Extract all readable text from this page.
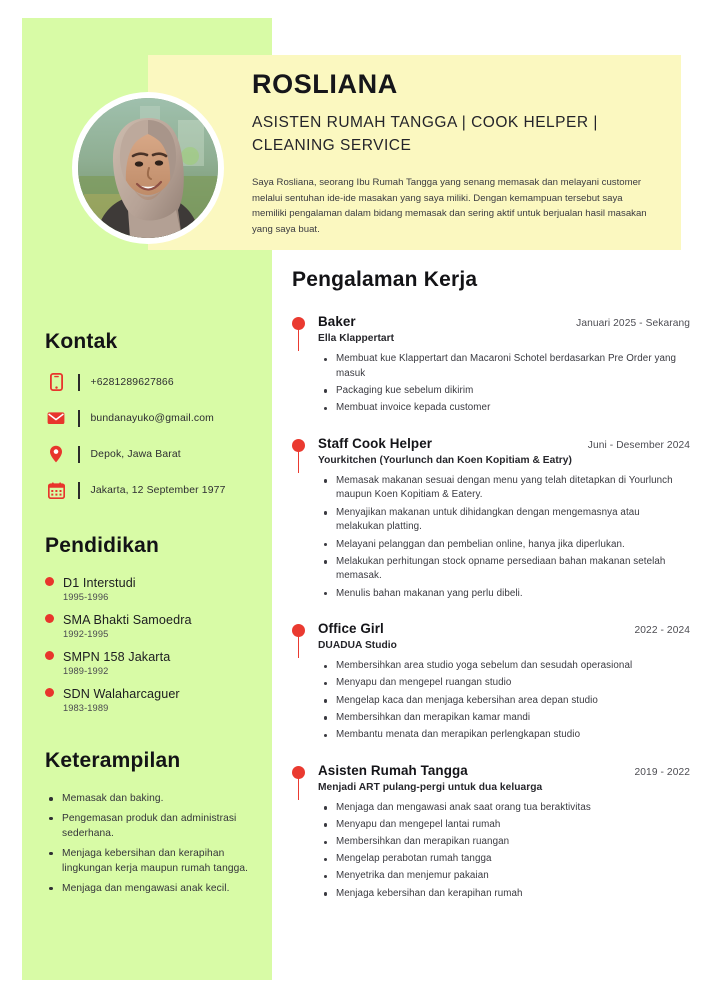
ROSLIANA
ASISTEN RUMAH TANGGA | COOK HELPER | CLEANING SERVICE

Saya Rosliana, seorang Ibu Rumah Tangga yang senang memasak dan melayani customer melalui sentuhan ide-ide masakan yang saya miliki. Dengan kemampuan tersebut saya memiliki pengalaman dalam bidang memasak dan sering aktif untuk berjualan hasil masakan yang saya buat.

Kontak
+6281289627866
bundanayuko@gmail.com
Depok, Jawa Barat
Jakarta, 12 September 1977
Pendidikan
D1 Interstudi
1995-1996
SMA Bhakti Samoedra
1992-1995
SMPN 158 Jakarta
1989-1992
SDN Walaharcaguer
1983-1989
Keterampilan
Memasak dan baking.
Pengemasan produk dan administrasi sederhana.
Menjaga kebersihan dan kerapihan lingkungan kerja maupun rumah tangga.
Menjaga dan mengawasi anak kecil.
Pengalaman Kerja
Baker	Januari 2025 - Sekarang
Ella Klappertart
Membuat kue Klappertart dan Macaroni Schotel berdasarkan Pre Order yang masuk
Packaging kue sebelum dikirim
Membuat invoice kepada customer
Staff Cook Helper	Juni - Desember 2024
Yourkitchen (Yourlunch dan Koen Kopitiam & Eatry)
Memasak makanan sesuai dengan menu yang telah ditetapkan di Yourlunch maupun Koen Kopitiam & Eatery.
Menyajikan makanan untuk dihidangkan dengan mengemasnya atau melakukan platting.
Melayani pelanggan dan pembelian online, hanya jika diperlukan.
Melakukan perhitungan stock opname persediaan bahan makanan setelah memasak.
Menulis bahan makanan yang perlu dibeli.
Office Girl	2022 - 2024
DUADUA Studio
Membersihkan area studio yoga sebelum dan sesudah operasional
Menyapu dan mengepel ruangan studio
Mengelap kaca dan menjaga kebersihan area depan studio
Membersihkan dan merapikan kamar mandi
Membantu menata dan merapikan perlengkapan studio
Asisten Rumah Tangga	2019 - 2022
Menjadi ART pulang-pergi untuk dua keluarga
Menjaga dan mengawasi anak saat orang tua beraktivitas
Menyapu dan mengepel lantai rumah
Membersihkan dan merapikan ruangan
Mengelap perabotan rumah tangga
Menyetrika dan menjemur pakaian
Menjaga kebersihan dan kerapihan rumah
